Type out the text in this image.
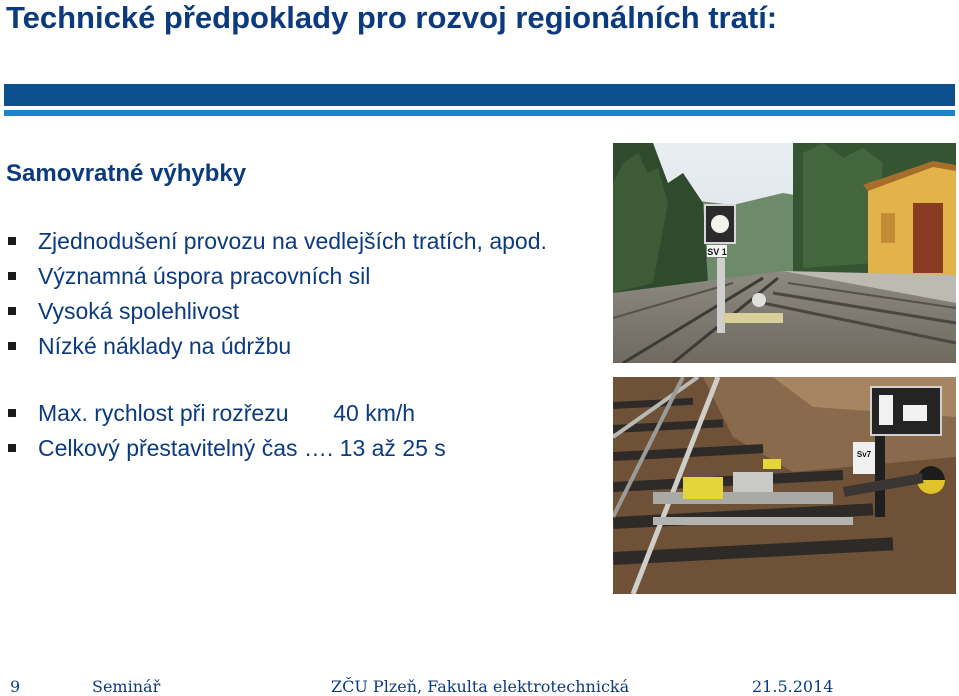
Technické předpoklady pro rozvoj regionálních tratí:
Samovratné výhybky
Zjednodušení provozu na vedlejších tratích, apod.
Významná úspora pracovních sil
Vysoká spolehlivost
Nízké náklady na údržbu
Max. rychlost při rozřezu       40 km/h
Celkový přestavitelný čas …. 13 až 25 s
SV 1
Sv7
9	Seminář	ZČU Plzeň, Fakulta elektrotechnická	21.5.2014
